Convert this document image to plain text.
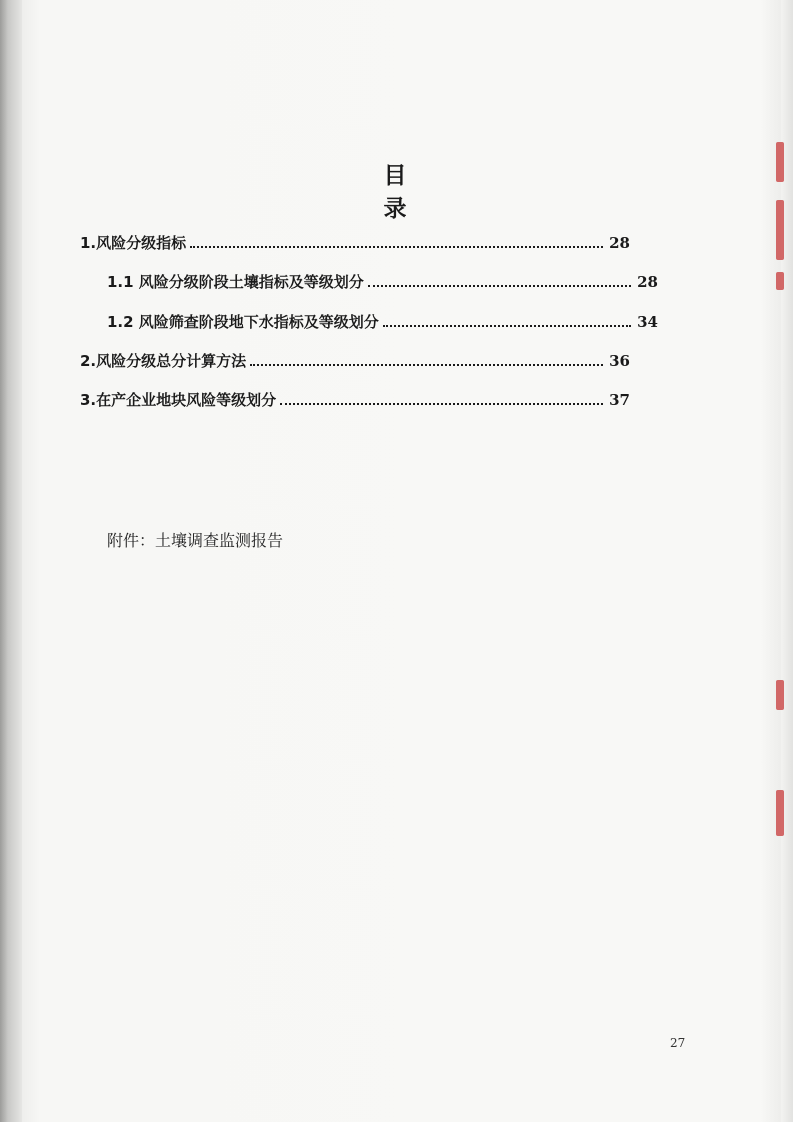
目　　录
1.风险分级指标	28
1.1 风险分级阶段土壤指标及等级划分	28
1.2 风险筛查阶段地下水指标及等级划分	34
2.风险分级总分计算方法	36
3.在产企业地块风险等级划分	37
附件：土壤调查监测报告
27
